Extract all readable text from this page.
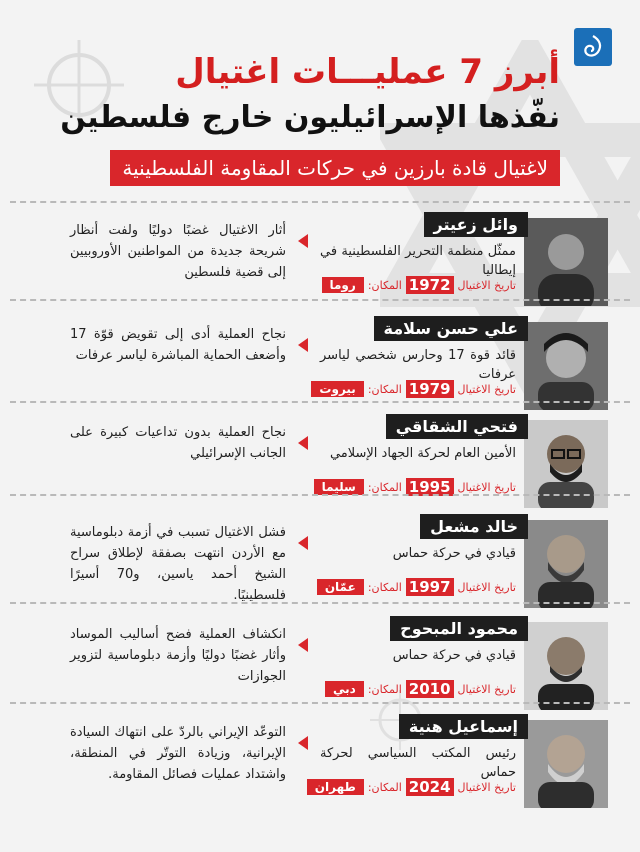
أبرز 7 عمليـــات اغتيال
نفّذها الإسرائيليون خارج فلسطين
لاغتيال قادة بارزين في حركات المقاومة الفلسطينية
وائل زعيتر
ممثّل منظمة التحرير الفلسطينية في إيطاليا
تاريخ الاغتيال
1972
المكان:
روما
أثار الاغتيال غضبًا دوليًا ولفت أنظار شريحة جديدة من المواطنين الأوروبيين إلى قضية فلسطين
علي حسن سلامة
قائد قوة 17 وحارس شخصي لياسر عرفات
تاريخ الاغتيال
1979
المكان:
بيروت
نجاح العملية أدى إلى تقويض قوّة 17 وأضعف الحماية المباشرة لياسر عرفات
فتحي الشقاقي
الأمين العام لحركة الجهاد الإسلامي
تاريخ الاغتيال
1995
المكان:
سليما
نجاح العملية بدون تداعيات كبيرة على الجانب الإسرائيلي
خالد مشعل
قيادي في حركة حماس
تاريخ الاغتيال
1997
المكان:
عمّان
فشل الاغتيال تسبب في أزمة دبلوماسية مع الأردن انتهت بصفقة لإطلاق سراح الشيخ أحمد ياسين، و70 أسيرًا فلسطينيًا.
محمود المبحوح
قيادي في حركة حماس
تاريخ الاغتيال
2010
المكان:
دبي
انكشاف العملية فضح أساليب الموساد وأثار غضبًا دوليًا وأزمة دبلوماسية لتزوير الجوازات
إسماعيل هنية
رئيس المكتب السياسي لحركة حماس
تاريخ الاغتيال
2024
المكان:
طهران
التوعّد الإيراني بالردّ على انتهاك السيادة الإيرانية، وزيادة التوتّر في المنطقة، واشتداد عمليات فصائل المقاومة.
